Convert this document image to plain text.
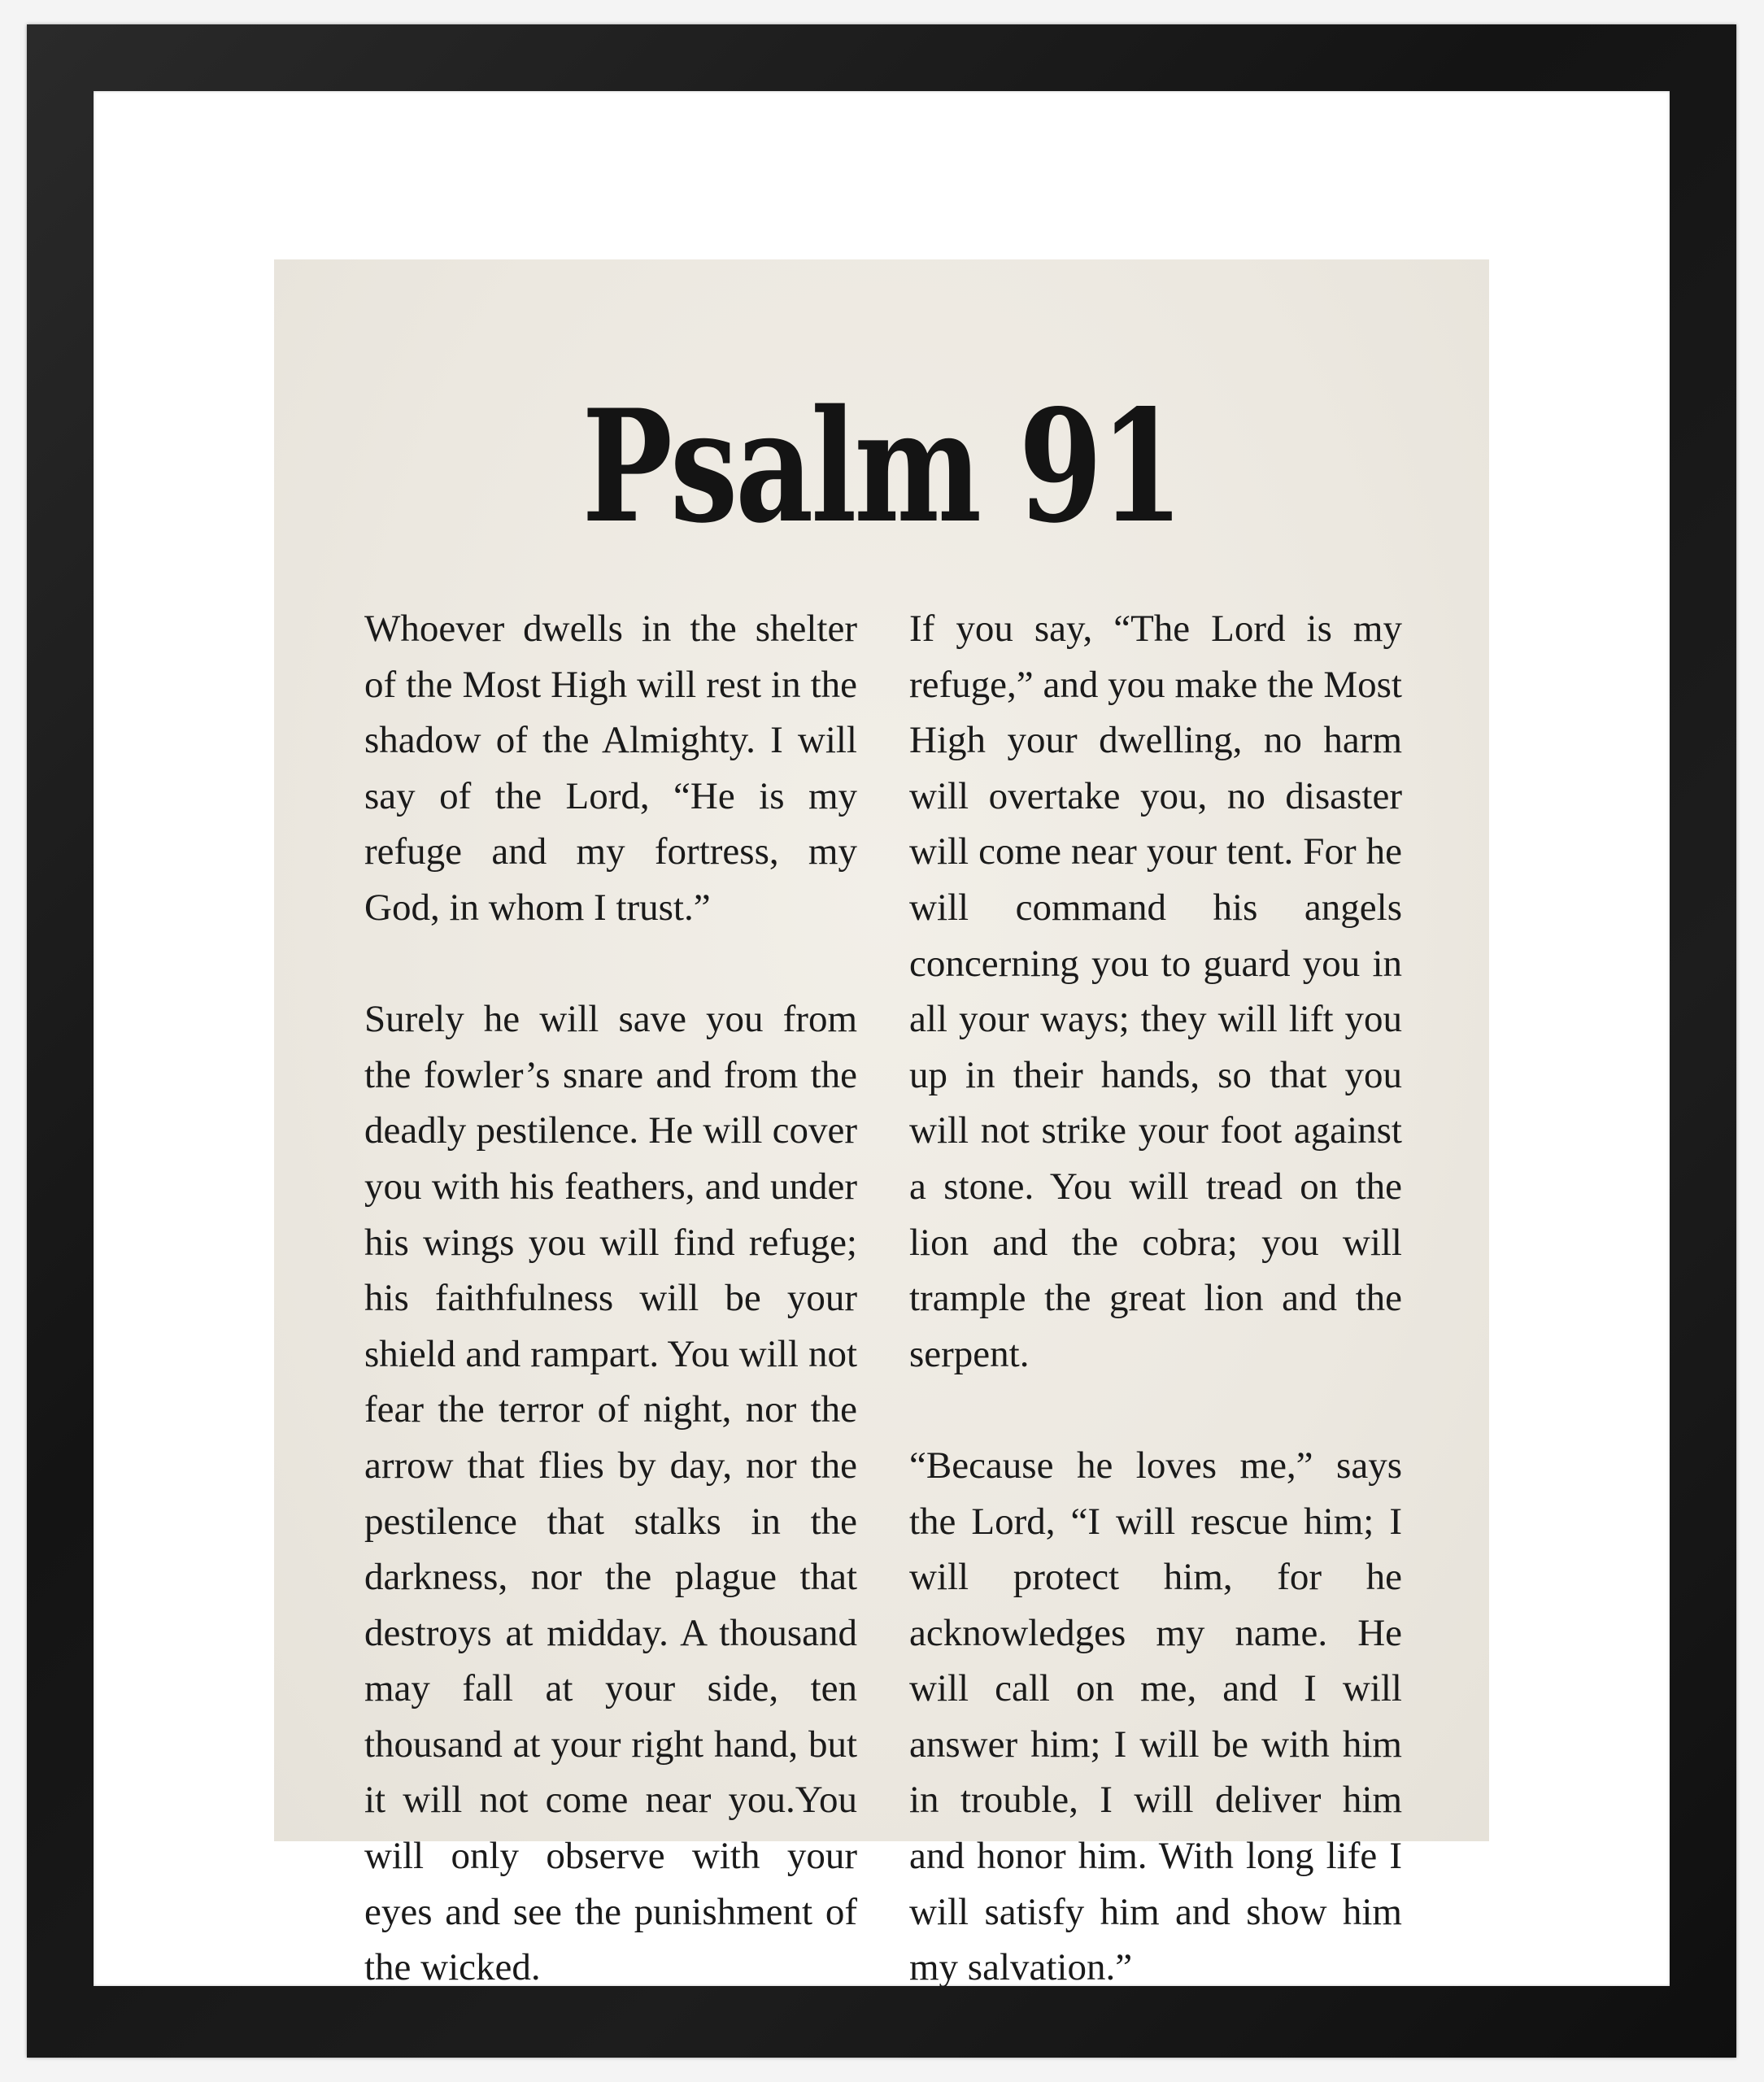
Psalm 91

Whoever dwells in the shelter of the Most High will rest in the shadow of the Almighty. I will say of the Lord, “He is my refuge and my fortress, my God, in whom I trust.”

Surely he will save you from the fowler’s snare and from the deadly pestilence. He will cover you with his feathers, and under his wings you will find refuge; his faithfulness will be your shield and rampart. You will not fear the terror of night, nor the arrow that flies by day, nor the pestilence that stalks in the darkness, nor the plague that destroys at midday. A thousand may fall at your side, ten thousand at your right hand, but it will not come near you.You will only observe with your eyes and see the punishment of the wicked.

If you say, “The Lord is my refuge,” and you make the Most High your dwelling, no harm will overtake you, no disaster will come near your tent. For he will command his angels concerning you to guard you in all your ways; they will lift you up in their hands, so that you will not strike your foot against a stone. You will tread on the lion and the cobra; you will trample the great lion and the serpent.

“Because he loves me,” says the Lord, “I will rescue him; I will protect him, for he acknowledges my name. He will call on me, and I will answer him; I will be with him in trouble, I will deliver him and honor him. With long life I will satisfy him and show him my salvation.”
